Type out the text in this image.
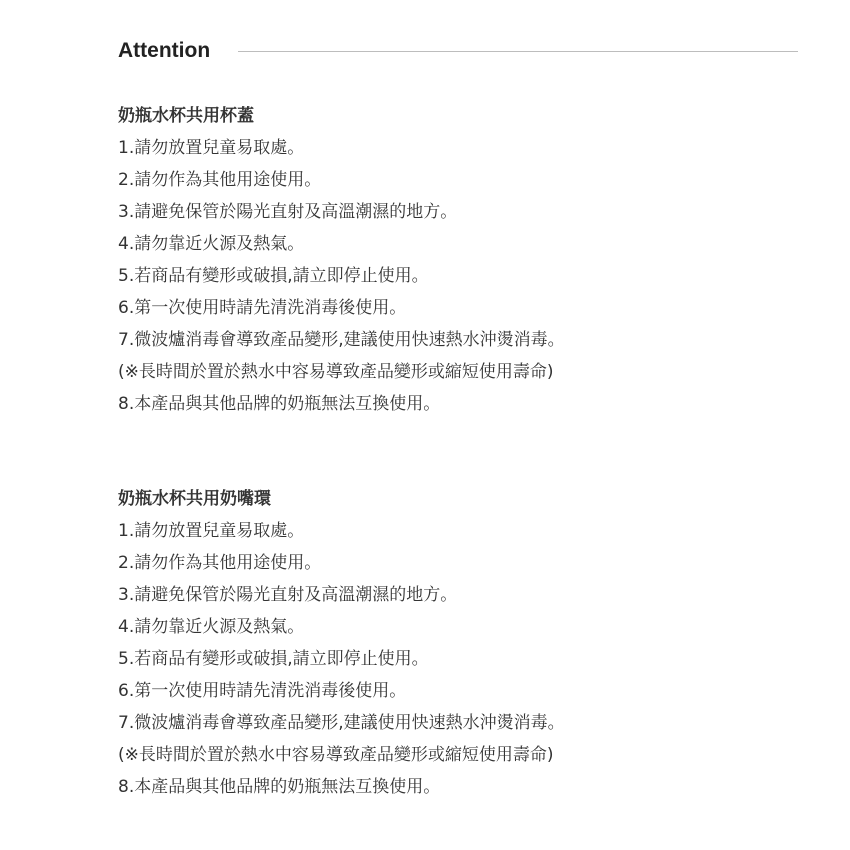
Attention
奶瓶水杯共用杯蓋
1.請勿放置兒童易取處。
2.請勿作為其他用途使用。
3.請避免保管於陽光直射及高溫潮濕的地方。
4.請勿靠近火源及熱氣。
5.若商品有變形或破損,請立即停止使用。
6.第一次使用時請先清洗消毒後使用。
7.微波爐消毒會導致產品變形,建議使用快速熱水沖燙消毒。
(※長時間於置於熱水中容易導致產品變形或縮短使用壽命)
8.本產品與其他品牌的奶瓶無法互換使用。
奶瓶水杯共用奶嘴環
1.請勿放置兒童易取處。
2.請勿作為其他用途使用。
3.請避免保管於陽光直射及高溫潮濕的地方。
4.請勿靠近火源及熱氣。
5.若商品有變形或破損,請立即停止使用。
6.第一次使用時請先清洗消毒後使用。
7.微波爐消毒會導致產品變形,建議使用快速熱水沖燙消毒。
(※長時間於置於熱水中容易導致產品變形或縮短使用壽命)
8.本產品與其他品牌的奶瓶無法互換使用。
